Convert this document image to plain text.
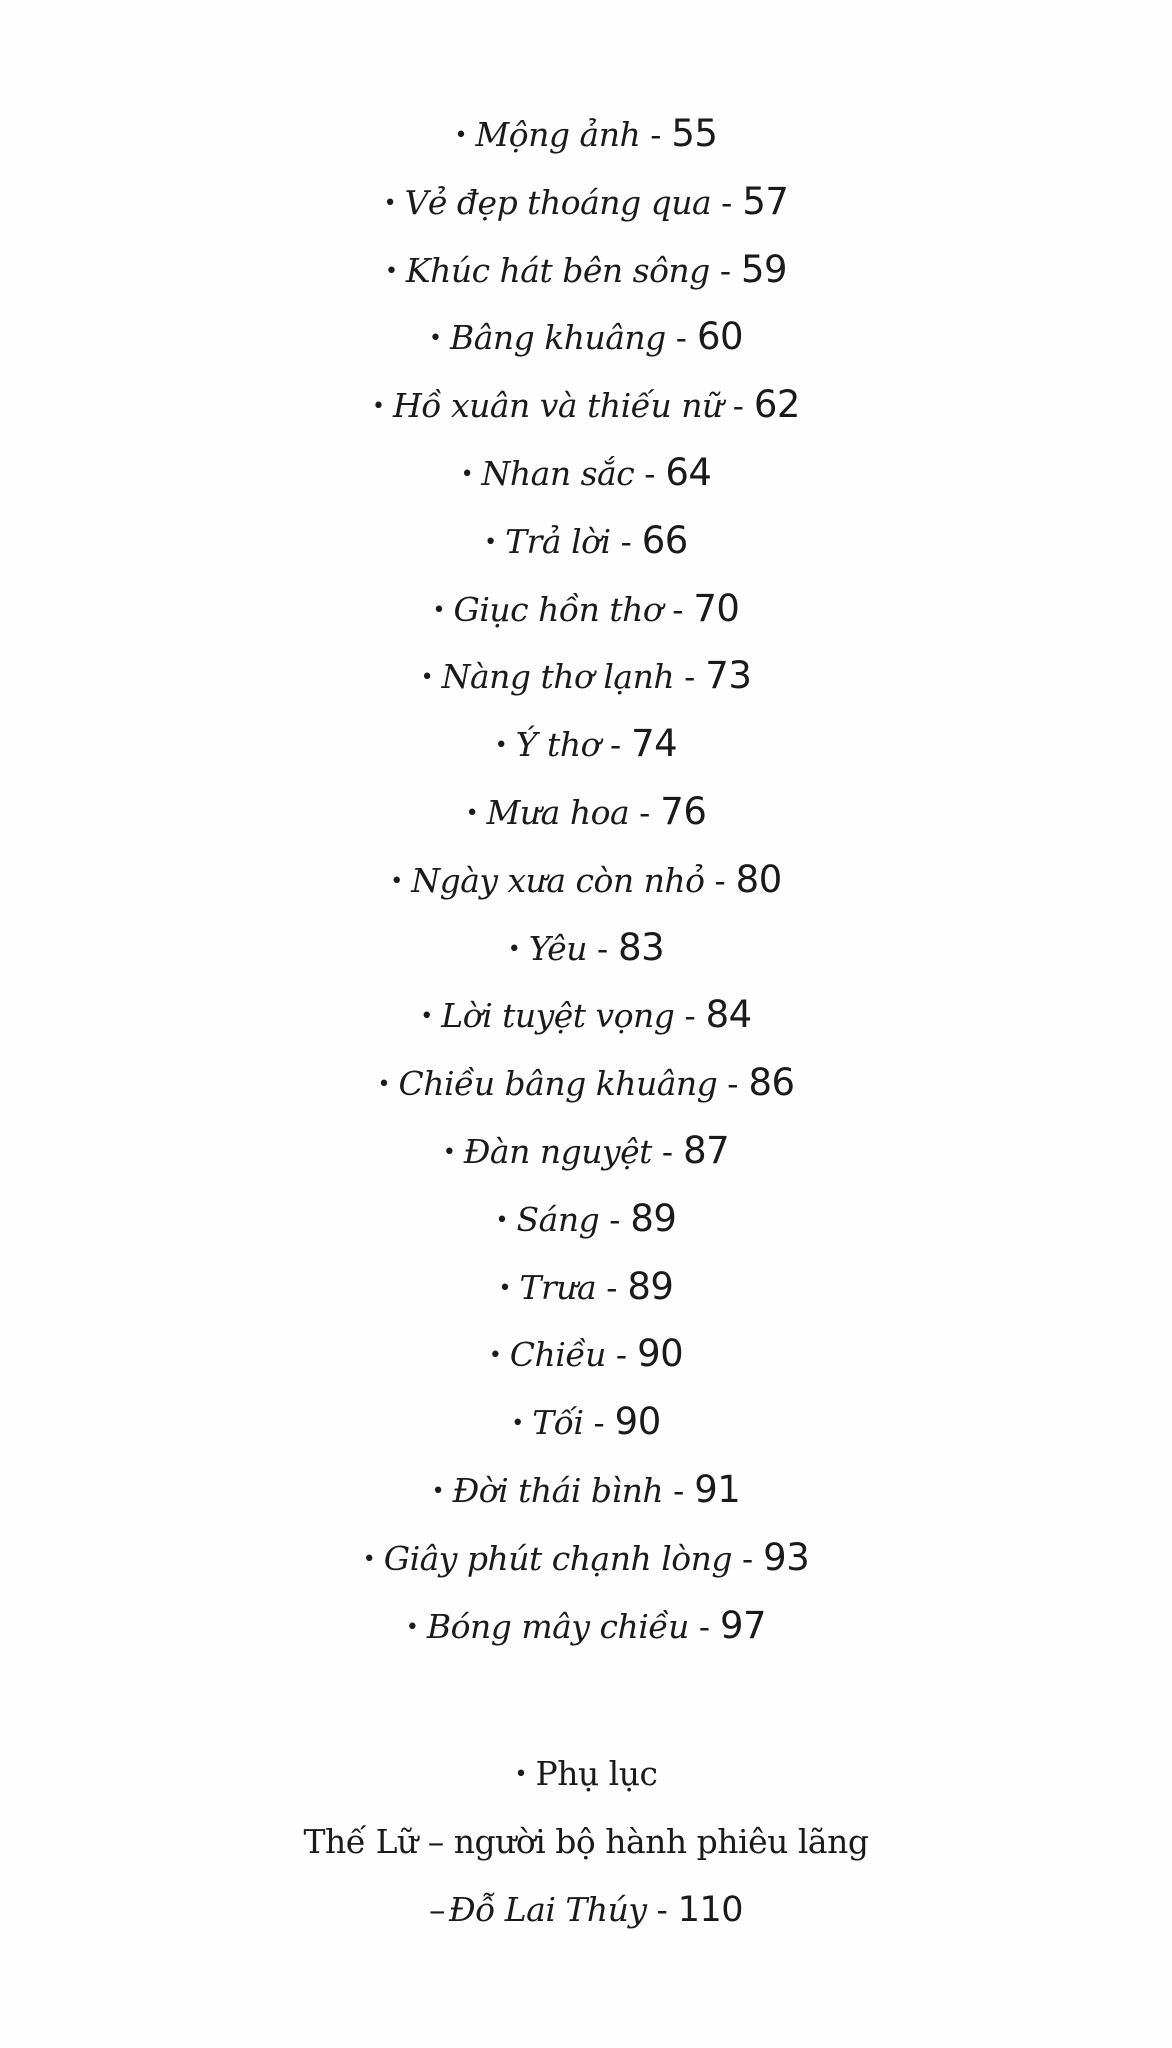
• Mộng ảnh - 55
• Vẻ đẹp thoáng qua - 57
• Khúc hát bên sông - 59
• Bâng khuâng - 60
• Hồ xuân và thiếu nữ - 62
• Nhan sắc - 64
• Trả lời - 66
• Giục hồn thơ - 70
• Nàng thơ lạnh - 73
• Ý thơ - 74
• Mưa hoa - 76
• Ngày xưa còn nhỏ - 80
• Yêu - 83
• Lời tuyệt vọng - 84
• Chiều bâng khuâng - 86
• Đàn nguyệt - 87
• Sáng - 89
• Trưa - 89
• Chiều - 90
• Tối - 90
• Đời thái bình - 91
• Giây phút chạnh lòng - 93
• Bóng mây chiều - 97
• Phụ lục
Thế Lữ – người bộ hành phiêu lãng
– Đỗ Lai Thúy - 110
